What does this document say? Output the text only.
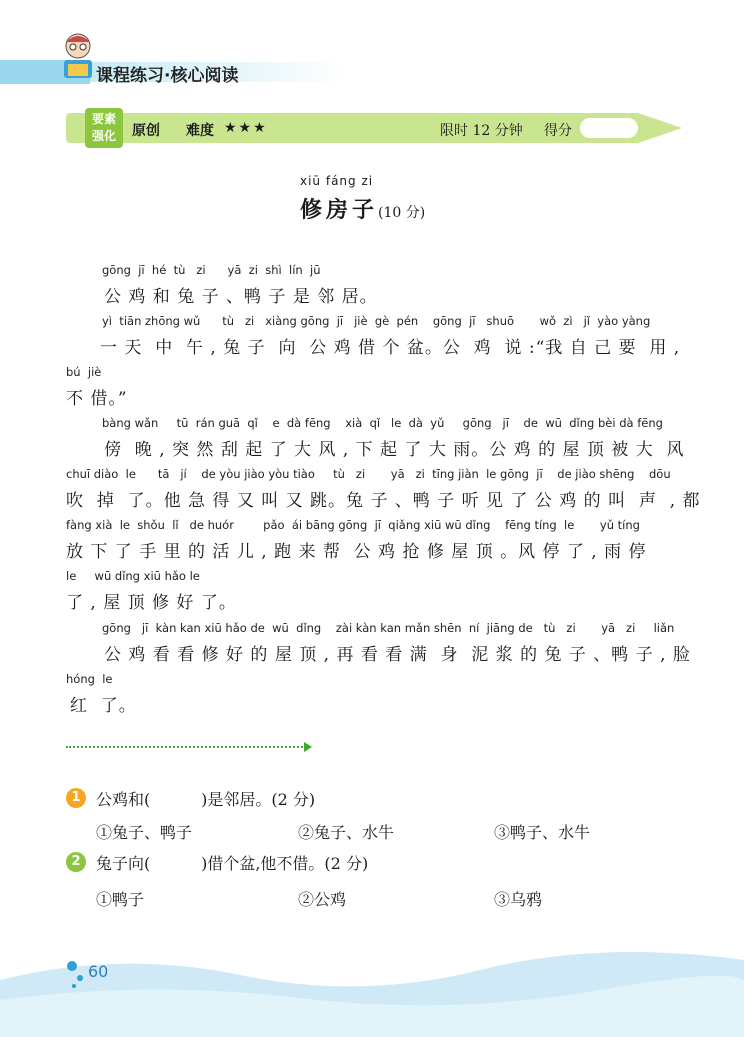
课程练习·核心阅读
要素
强化	原创 难度 ★★★	限时 12 分钟 得分
xiū fáng zi
修房子(10 分)
gōng  jī  hé  tù   zi      yā  zi  shì  lín  jū
公 鸡 和 兔 子 、鸭 子 是 邻 居。
yì  tiān zhōng wǔ      tù   zi   xiàng gōng  jī   jiè  gè  pén    gōng  jī   shuō       wǒ  zì   jǐ  yào yàng
一 天  中  午 , 兔 子  向  公 鸡 借 个 盆。公  鸡  说 :“我 自 己 要  用 ,
bú  jiè
不 借。”
bàng wǎn     tū  rán guā  qǐ    e  dà fēng    xià  qǐ   le  dà  yǔ     gōng   jī    de  wū  dǐng bèi dà fēng
傍  晚 , 突 然 刮 起 了 大 风 , 下 起 了 大 雨。公 鸡 的 屋 顶 被 大  风
chuī diào  le      tā   jí    de yòu jiào yòu tiào     tù   zi       yā   zi  tīng jiàn  le gōng  jī    de jiào shēng    dōu
吹  掉  了。他 急 得 又 叫 又 跳。兔 子 、鸭 子 听 见 了 公 鸡 的 叫  声  , 都
fàng xià  le  shǒu  lǐ   de huór        pǎo  ái bāng gōng  jī  qiǎng xiū wū dǐng    fēng tíng  le       yǔ tíng
放 下 了 手 里 的 活 儿 , 跑 来 帮  公 鸡 抢 修 屋 顶 。风 停 了 , 雨 停
le     wū dǐng xiū hǎo le
了 , 屋 顶 修 好 了。
gōng   jī  kàn kan xiū hǎo de  wū  dǐng    zài kàn kan mǎn shēn  ní  jiāng de   tù   zi       yā   zi     liǎn
公 鸡 看 看 修 好 的 屋 顶 , 再 看 看 满  身  泥 浆 的 兔 子 、鸭 子 , 脸
hóng  le
红  了。
1 公鸡和(          )是邻居。(2 分)
①兔子、鸭子	②兔子、水牛	③鸭子、水牛
2 兔子向(          )借个盆,他不借。(2 分)
①鸭子	②公鸡	③乌鸦
60
